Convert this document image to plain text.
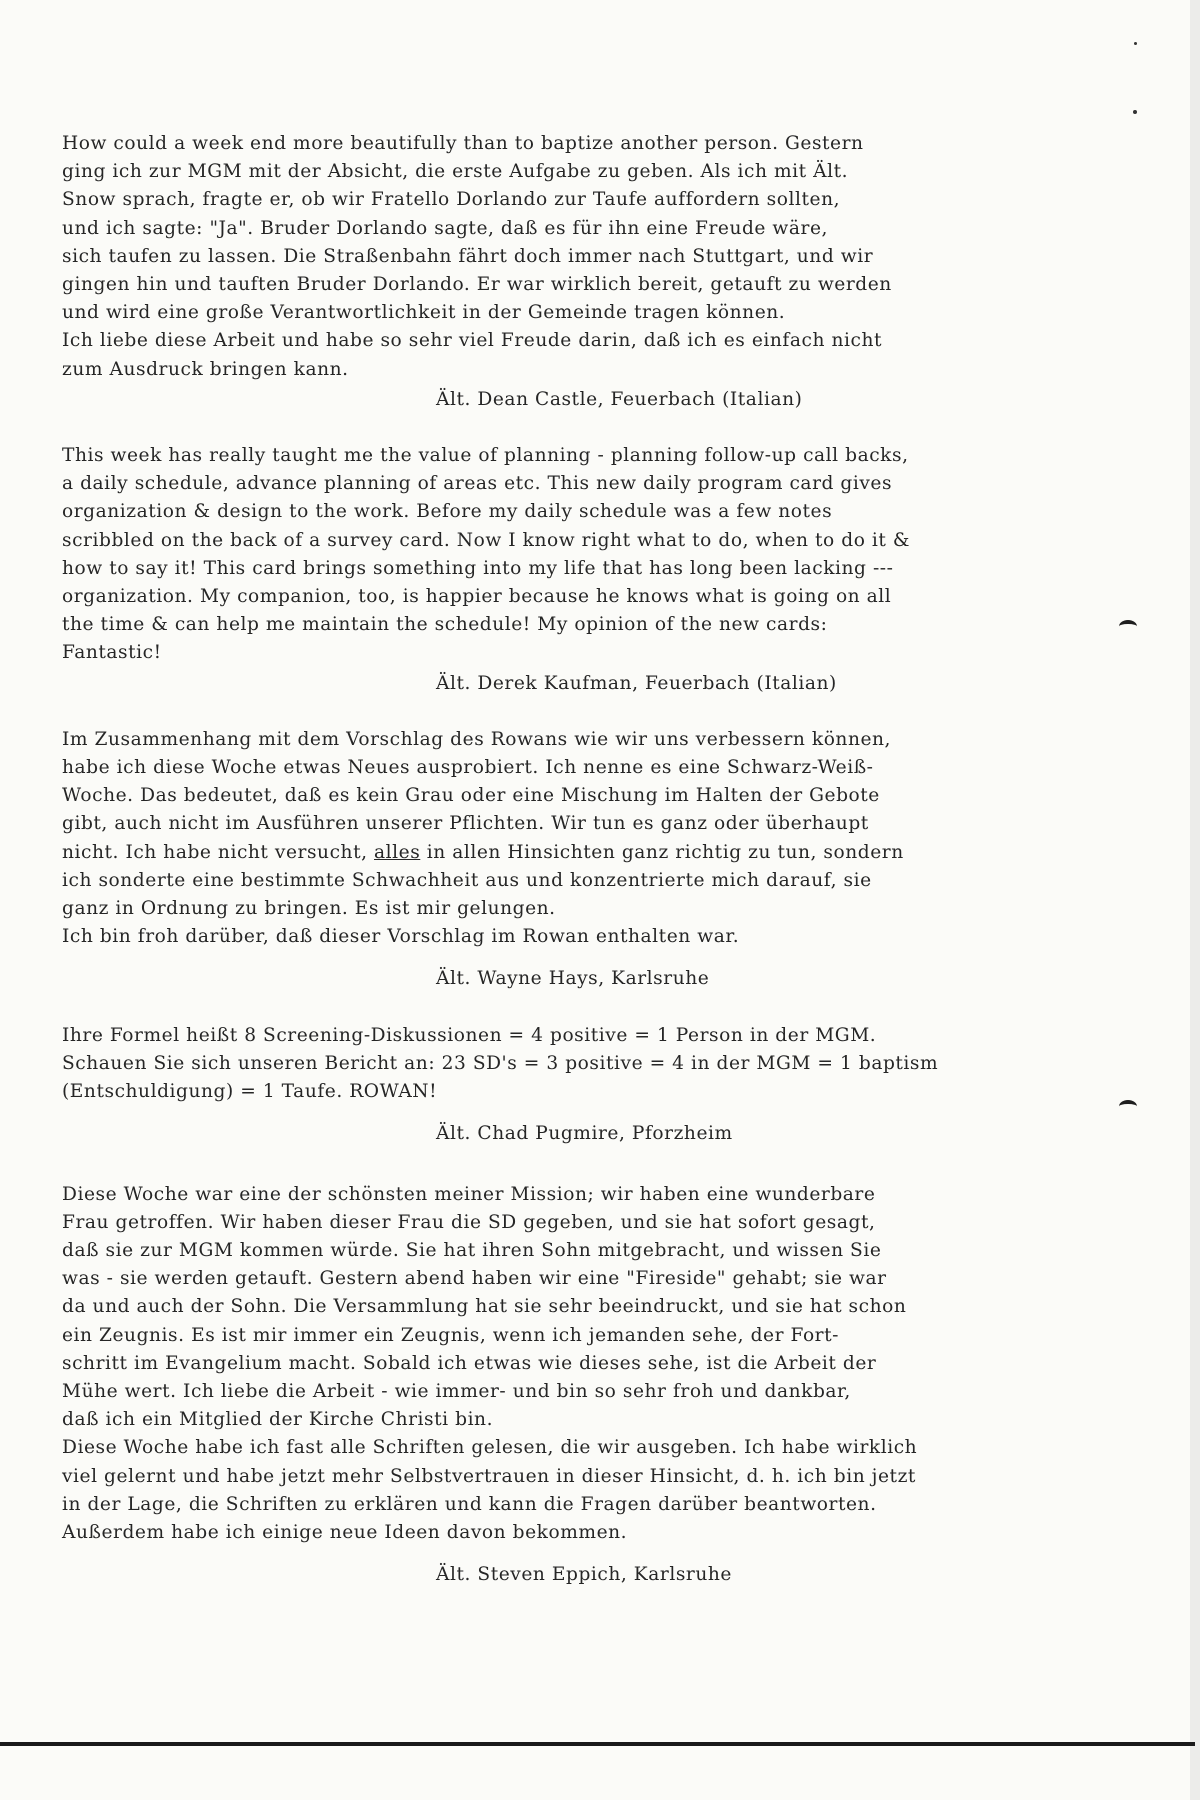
How could a week end more beautifully than to baptize another person. Gestern
ging ich zur MGM mit der Absicht, die erste Aufgabe zu geben. Als ich mit Ält.
Snow sprach, fragte er, ob wir Fratello Dorlando zur Taufe auffordern sollten,
und ich sagte: "Ja". Bruder Dorlando sagte, daß es für ihn eine Freude wäre,
sich taufen zu lassen. Die Straßenbahn fährt doch immer nach Stuttgart, und wir
gingen hin und tauften Bruder Dorlando. Er war wirklich bereit, getauft zu werden
und wird eine große Verantwortlichkeit in der Gemeinde tragen können.
Ich liebe diese Arbeit und habe so sehr viel Freude darin, daß ich es einfach nicht
zum Ausdruck bringen kann.
Ält. Dean Castle, Feuerbach (Italian)
This week has really taught me the value of planning - planning follow-up call backs,
a daily schedule, advance planning of areas etc. This new daily program card gives
organization & design to the work. Before my daily schedule was a few notes
scribbled on the back of a survey card. Now I know right what to do, when to do it &
how to say it! This card brings something into my life that has long been lacking ---
organization. My companion, too, is happier because he knows what is going on all
the time & can help me maintain the schedule! My opinion of the new cards:
Fantastic!
Ält. Derek Kaufman, Feuerbach (Italian)
Im Zusammenhang mit dem Vorschlag des Rowans wie wir uns verbessern können,
habe ich diese Woche etwas Neues ausprobiert. Ich nenne es eine Schwarz-Weiß-
Woche. Das bedeutet, daß es kein Grau oder eine Mischung im Halten der Gebote
gibt, auch nicht im Ausführen unserer Pflichten. Wir tun es ganz oder überhaupt
nicht. Ich habe nicht versucht, alles in allen Hinsichten ganz richtig zu tun, sondern
ich sonderte eine bestimmte Schwachheit aus und konzentrierte mich darauf, sie
ganz in Ordnung zu bringen. Es ist mir gelungen.
Ich bin froh darüber, daß dieser Vorschlag im Rowan enthalten war.
Ält. Wayne Hays, Karlsruhe
Ihre Formel heißt 8 Screening-Diskussionen = 4 positive = 1 Person in der MGM.
Schauen Sie sich unseren Bericht an: 23 SD's = 3 positive = 4 in der MGM = 1 baptism
(Entschuldigung) = 1 Taufe. ROWAN!
Ält. Chad Pugmire, Pforzheim
Diese Woche war eine der schönsten meiner Mission; wir haben eine wunderbare
Frau getroffen. Wir haben dieser Frau die SD gegeben, und sie hat sofort gesagt,
daß sie zur MGM kommen würde. Sie hat ihren Sohn mitgebracht, und wissen Sie
was - sie werden getauft. Gestern abend haben wir eine "Fireside" gehabt; sie war
da und auch der Sohn. Die Versammlung hat sie sehr beeindruckt, und sie hat schon
ein Zeugnis. Es ist mir immer ein Zeugnis, wenn ich jemanden sehe, der Fort-
schritt im Evangelium macht. Sobald ich etwas wie dieses sehe, ist die Arbeit der
Mühe wert. Ich liebe die Arbeit - wie immer- und bin so sehr froh und dankbar,
daß ich ein Mitglied der Kirche Christi bin.
Diese Woche habe ich fast alle Schriften gelesen, die wir ausgeben. Ich habe wirklich
viel gelernt und habe jetzt mehr Selbstvertrauen in dieser Hinsicht, d. h. ich bin jetzt
in der Lage, die Schriften zu erklären und kann die Fragen darüber beantworten.
Außerdem habe ich einige neue Ideen davon bekommen.
Ält. Steven Eppich, Karlsruhe
